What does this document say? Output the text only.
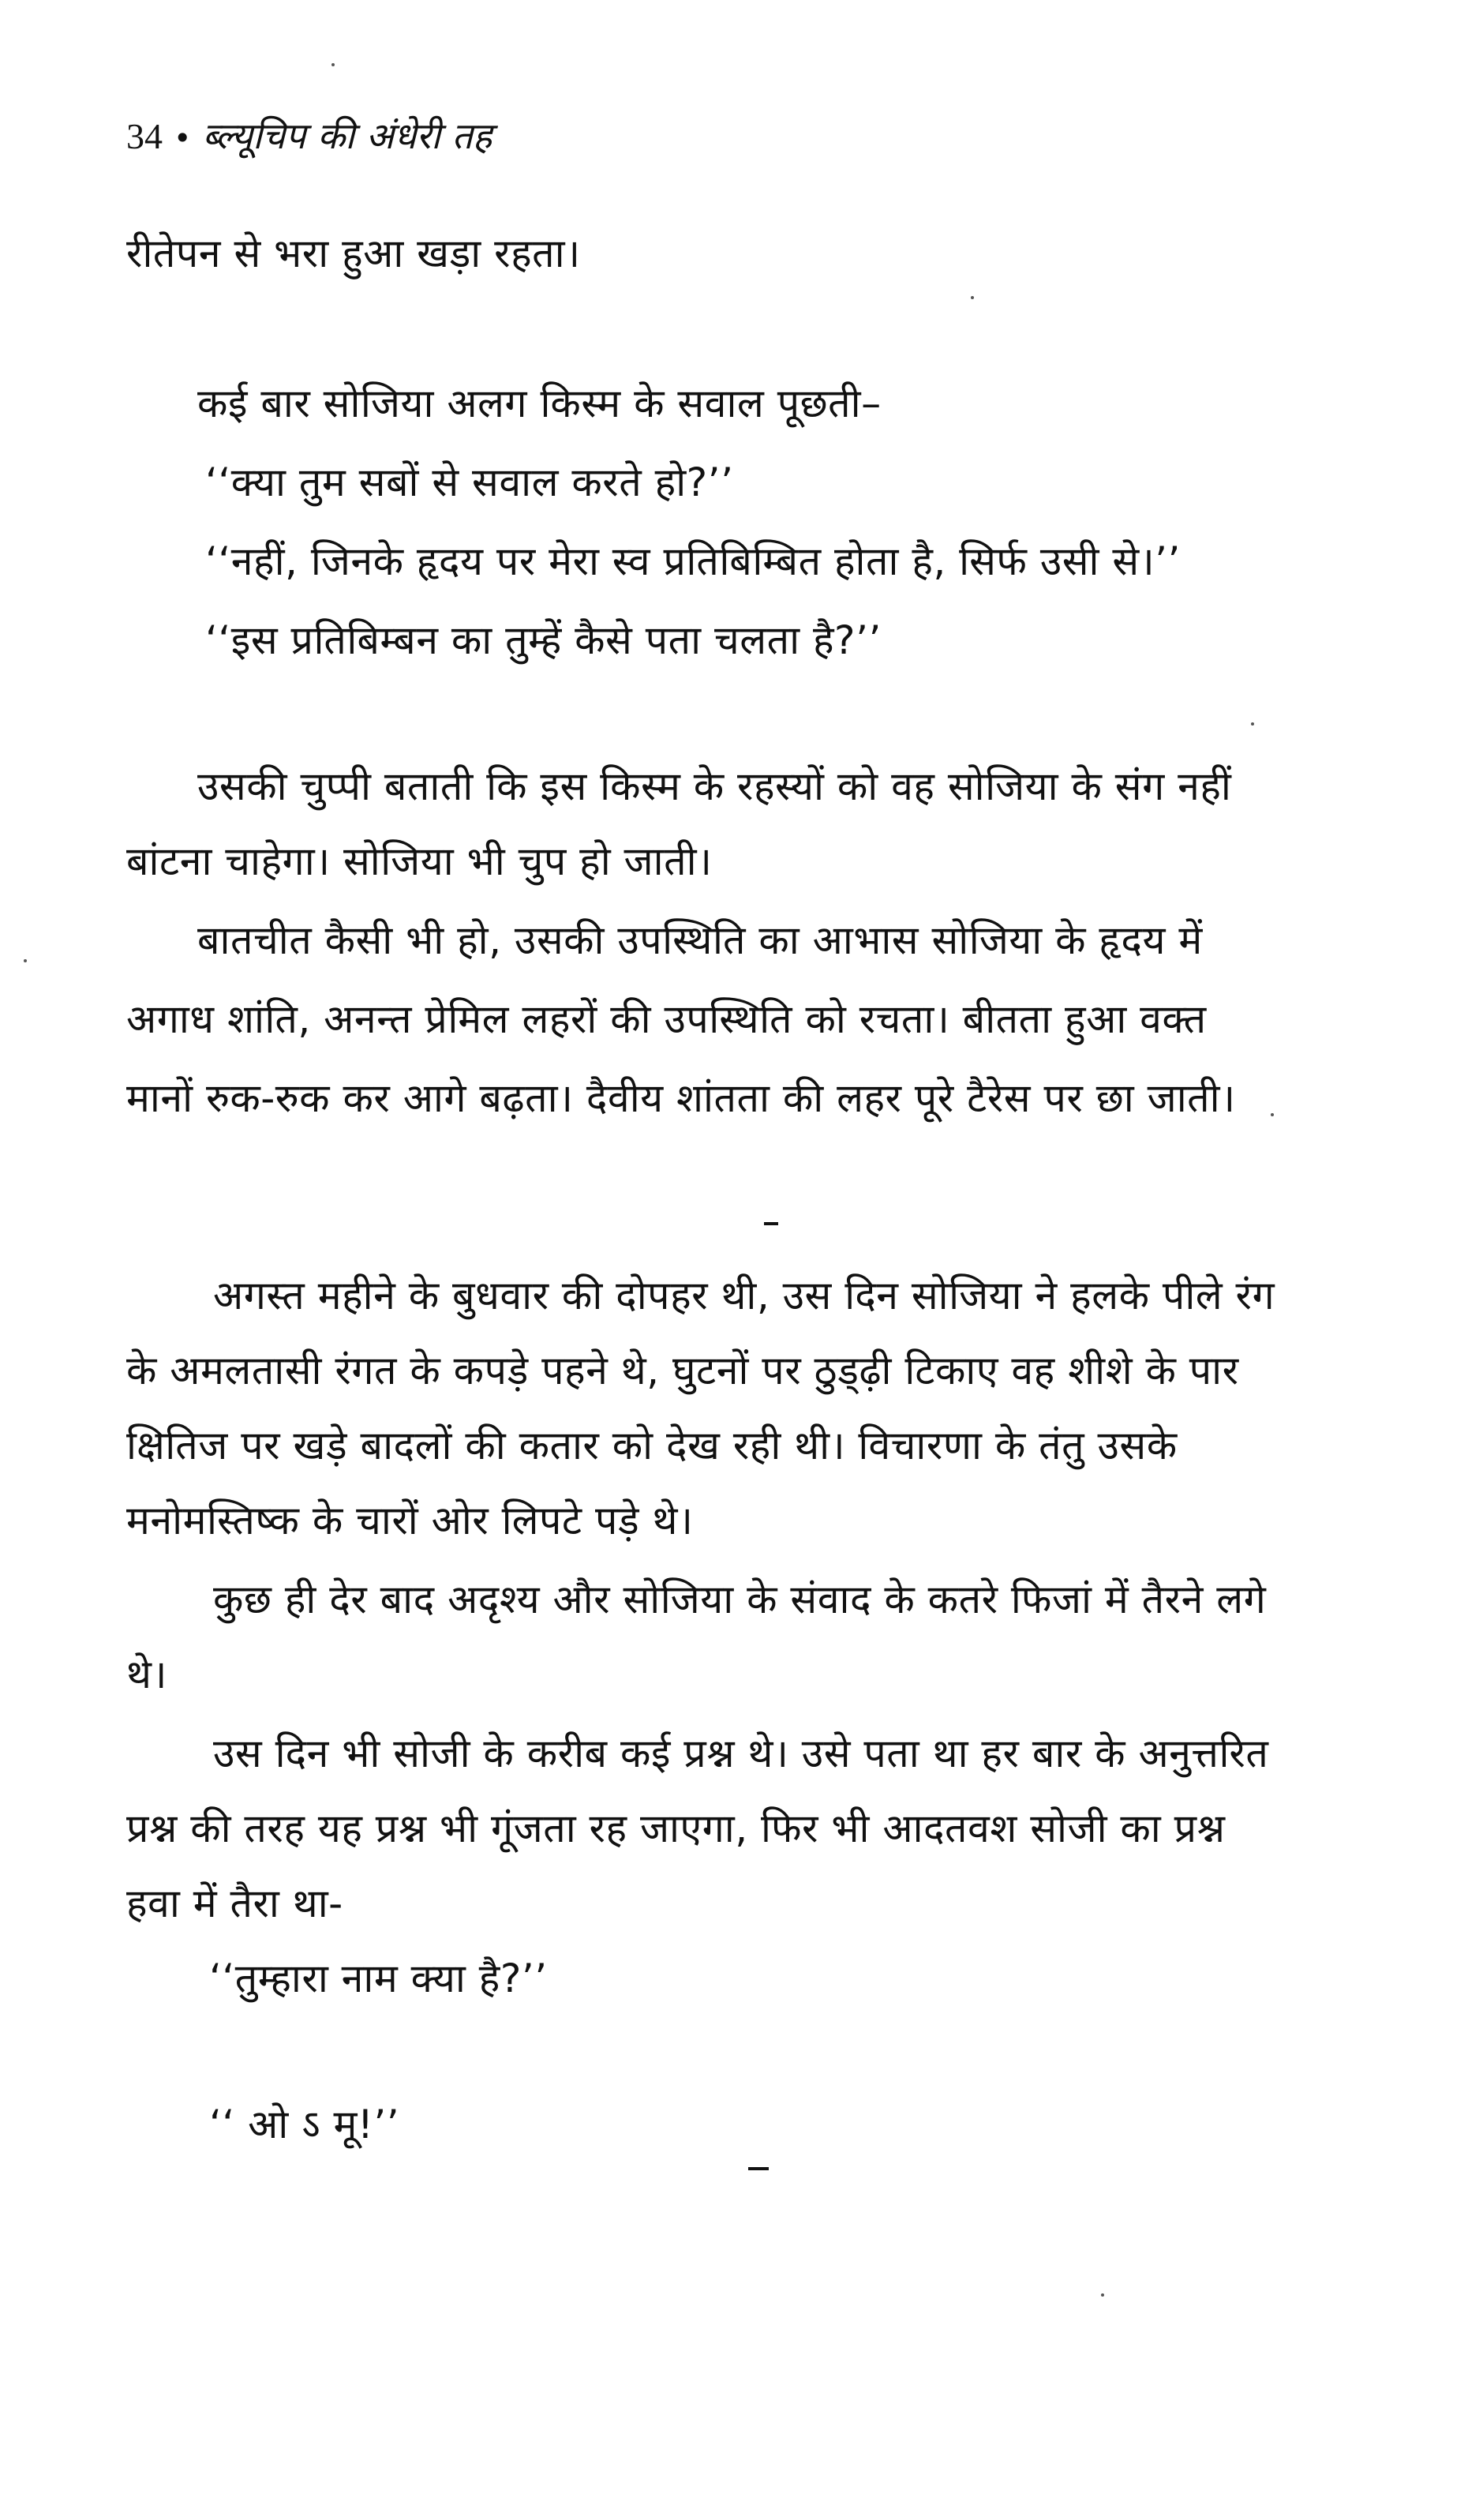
34 • ब्ल्यूचिप की अंधेरी तह
रीतेपन से भरा हुआ खड़ा रहता।
कई बार सोजिया अलग किस्म के सवाल पूछती–
‘‘क्या तुम सबों से सवाल करते हो?’’
‘‘नहीं, जिनके हृदय पर मेरा स्व प्रतिबिम्बित होता है, सिर्फ उसी से।’’
‘‘इस प्रतिबिम्बन का तुम्हें कैसे पता चलता है?’’
उसकी चुप्पी बताती कि इस किस्म के रहस्यों को वह सोजिया के संग नहीं
बांटना चाहेगा। सोजिया भी चुप हो जाती।
बातचीत कैसी भी हो, उसकी उपस्थिति का आभास सोजिया के हृदय में
अगाध शांति, अनन्त प्रेमिल लहरों की उपस्थिति को रचता। बीतता हुआ वक्त
मानों रुक-रुक कर आगे बढ़ता। दैवीय शांतता की लहर पूरे टैरेस पर छा जाती।
अगस्त महीने के बुधवार की दोपहर थी, उस दिन सोजिया ने हलके पीले रंग
के अमलतासी रंगत के कपड़े पहने थे, घुटनों पर ठुड्ढ़ी टिकाए वह शीशे के पार
क्षितिज पर खड़े बादलों की कतार को देख रही थी। विचारणा के तंतु उसके
मनोमस्तिष्क के चारों ओर लिपटे पड़े थे।
कुछ ही देर बाद अदृश्य और सोजिया के संवाद के कतरे फिजां में तैरने लगे
थे।
उस दिन भी सोजी के करीब कई प्रश्न थे। उसे पता था हर बार के अनुत्तरित
प्रश्न की तरह यह प्रश्न भी गूंजता रह जाएगा, फिर भी आदतवश सोजी का प्रश्न
हवा में तैरा था-
‘‘तुम्हारा नाम क्या है?’’
‘‘ ओ ऽ मू!’’
